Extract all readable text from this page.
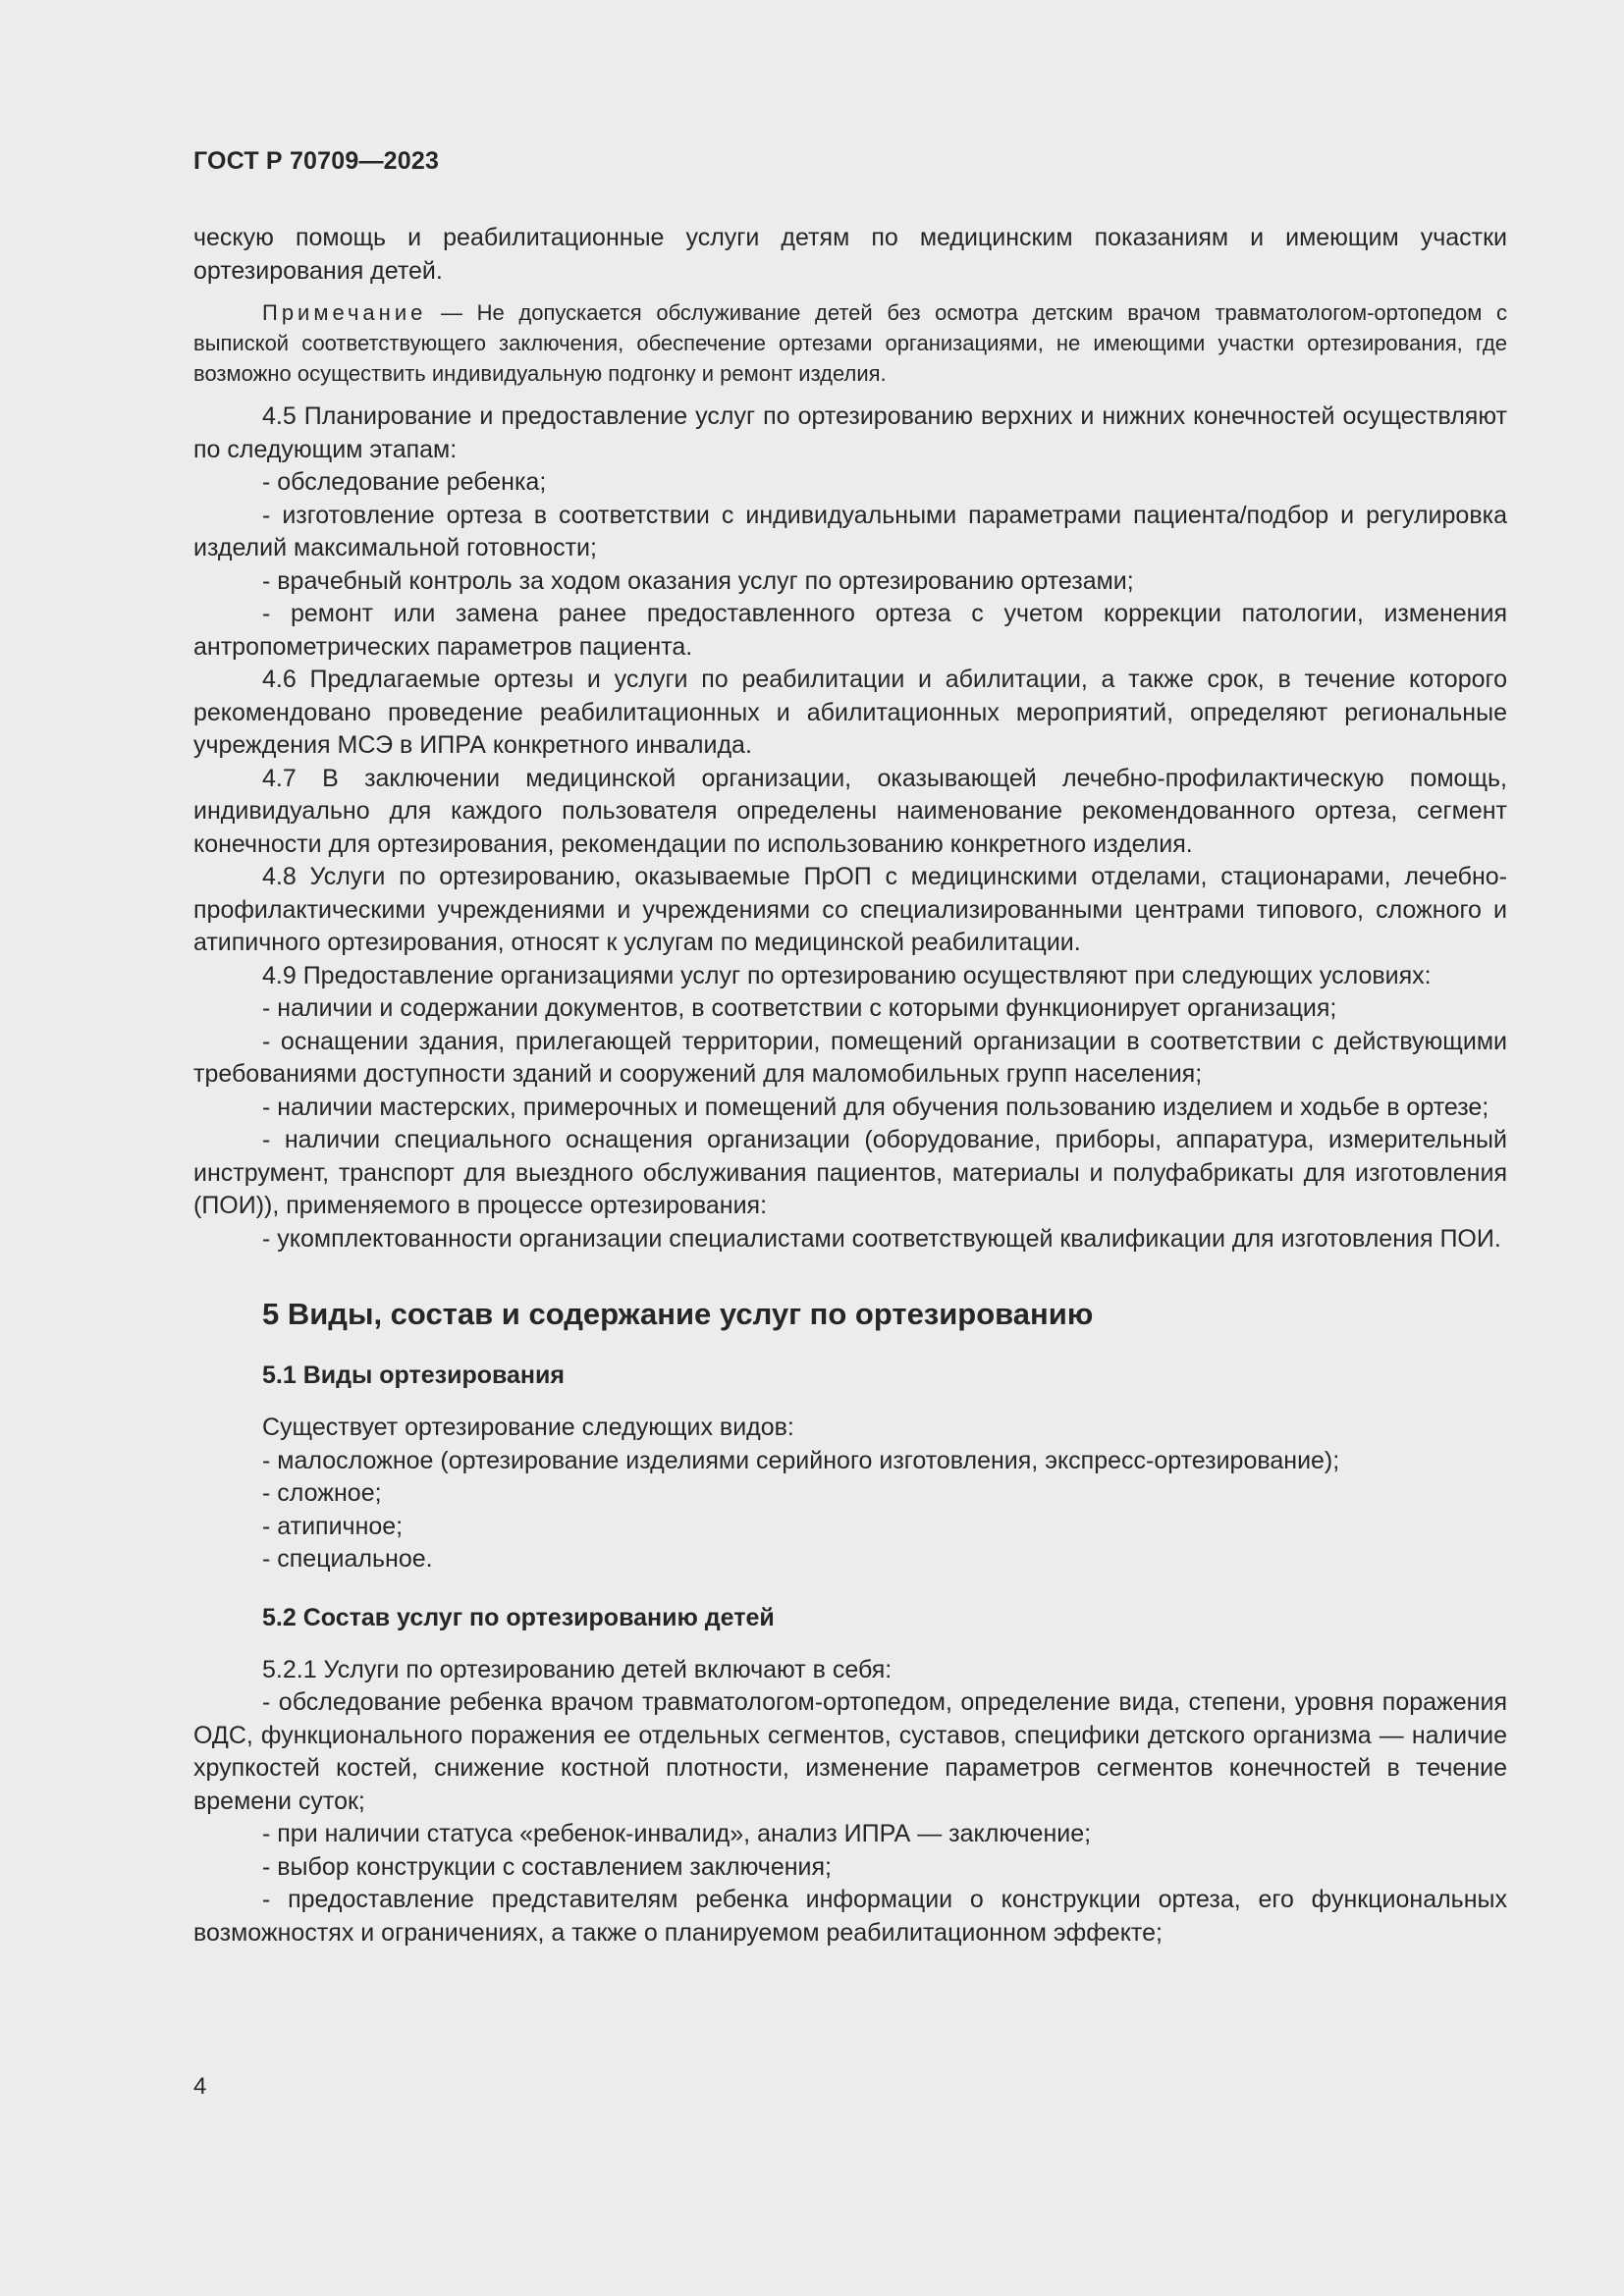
ГОСТ Р 70709—2023

ческую помощь и реабилитационные услуги детям по медицинским показаниям и имеющим участки ортезирования детей.

Примечание — Не допускается обслуживание детей без осмотра детским врачом травматологом-ортопедом с выпиской соответствующего заключения, обеспечение ортезами организациями, не имеющими участки ортезирования, где возможно осуществить индивидуальную подгонку и ремонт изделия.

4.5 Планирование и предоставление услуг по ортезированию верхних и нижних конечностей осуществляют по следующим этапам:

- обследование ребенка;

- изготовление ортеза в соответствии с индивидуальными параметрами пациента/подбор и регулировка изделий максимальной готовности;

- врачебный контроль за ходом оказания услуг по ортезированию ортезами;

- ремонт или замена ранее предоставленного ортеза с учетом коррекции патологии, изменения антропометрических параметров пациента.

4.6 Предлагаемые ортезы и услуги по реабилитации и абилитации, а также срок, в течение которого рекомендовано проведение реабилитационных и абилитационных мероприятий, определяют региональные учреждения МСЭ в ИПРА конкретного инвалида.

4.7 В заключении медицинской организации, оказывающей лечебно-профилактическую помощь, индивидуально для каждого пользователя определены наименование рекомендованного ортеза, сегмент конечности для ортезирования, рекомендации по использованию конкретного изделия.

4.8 Услуги по ортезированию, оказываемые ПрОП с медицинскими отделами, стационарами, лечебно-профилактическими учреждениями и учреждениями со специализированными центрами типового, сложного и атипичного ортезирования, относят к услугам по медицинской реабилитации.

4.9 Предоставление организациями услуг по ортезированию осуществляют при следующих условиях:

- наличии и содержании документов, в соответствии с которыми функционирует организация;

- оснащении здания, прилегающей территории, помещений организации в соответствии с действующими требованиями доступности зданий и сооружений для маломобильных групп населения;

- наличии мастерских, примерочных и помещений для обучения пользованию изделием и ходьбе в ортезе;

- наличии специального оснащения организации (оборудование, приборы, аппаратура, измерительный инструмент, транспорт для выездного обслуживания пациентов, материалы и полуфабрикаты для изготовления (ПОИ)), применяемого в процессе ортезирования:

- укомплектованности организации специалистами соответствующей квалификации для изготовления ПОИ.

5 Виды, состав и содержание услуг по ортезированию
5.1 Виды ортезирования

Существует ортезирование следующих видов:

- малосложное (ортезирование изделиями серийного изготовления, экспресс-ортезирование);

- сложное;

- атипичное;

- специальное.

5.2 Состав услуг по ортезированию детей

5.2.1 Услуги по ортезированию детей включают в себя:

- обследование ребенка врачом травматологом-ортопедом, определение вида, степени, уровня поражения ОДС, функционального поражения ее отдельных сегментов, суставов, специфики детского организма — наличие хрупкостей костей, снижение костной плотности, изменение параметров сегментов конечностей в течение времени суток;

- при наличии статуса «ребенок-инвалид», анализ ИПРА — заключение;

- выбор конструкции с составлением заключения;

- предоставление представителям ребенка информации о конструкции ортеза, его функциональных возможностях и ограничениях, а также о планируемом реабилитационном эффекте;

4
